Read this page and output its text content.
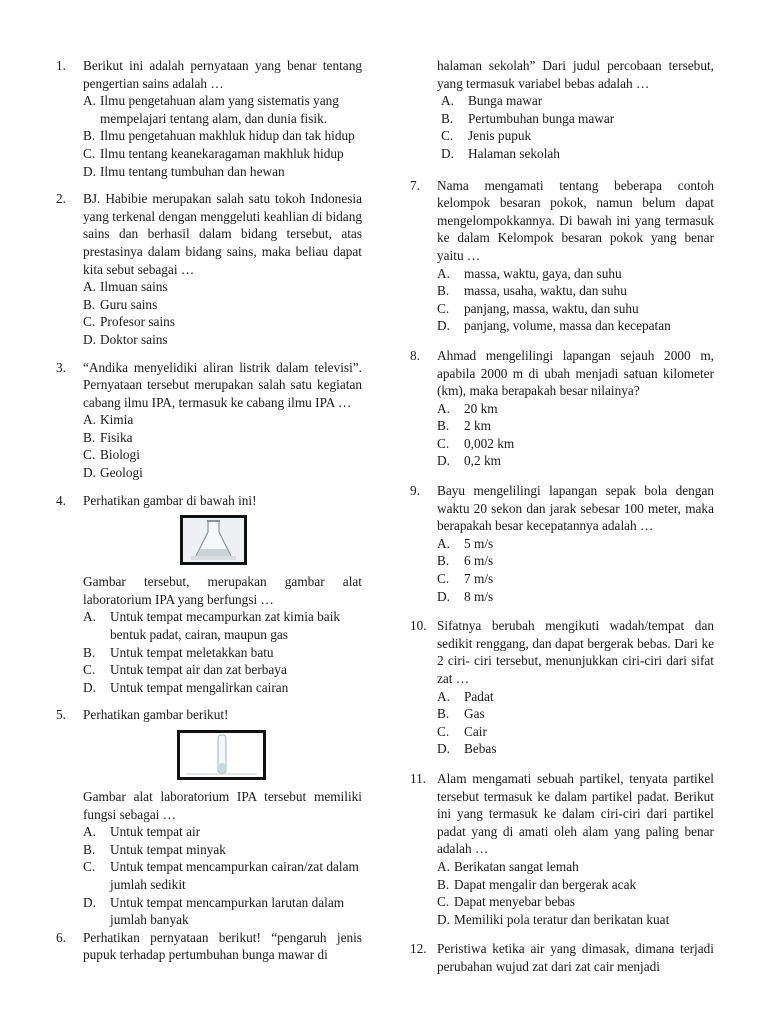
1. Berikut ini adalah pernyataan yang benar tentang pengertian sains adalah …
A. Ilmu pengetahuan alam yang sistematis yang mempelajari tentang alam, dan dunia fisik.
B. Ilmu pengetahuan makhluk hidup dan tak hidup
C. Ilmu tentang keanekaragaman makhluk hidup
D. Ilmu tentang tumbuhan dan hewan
2. BJ. Habibie merupakan salah satu tokoh Indonesia yang terkenal dengan menggeluti keahlian di bidang sains dan berhasil dalam bidang tersebut, atas prestasinya dalam bidang sains, maka beliau dapat kita sebut sebagai …
A. Ilmuan sains
B. Guru sains
C. Profesor sains
D. Doktor sains
3. “Andika menyelidiki aliran listrik dalam televisi”. Pernyataan tersebut merupakan salah satu kegiatan cabang ilmu IPA, termasuk ke cabang ilmu IPA …
A. Kimia
B. Fisika
C. Biologi
D. Geologi
4. Perhatikan gambar di bawah ini!
Gambar tersebut, merupakan gambar alat laboratorium IPA yang berfungsi …
A. Untuk tempat mecampurkan zat kimia baik bentuk padat, cairan, maupun gas
B. Untuk tempat meletakkan batu
C. Untuk tempat air dan zat berbaya
D. Untuk tempat mengalirkan cairan
5. Perhatikan gambar berikut!
Gambar alat laboratorium IPA tersebut memiliki fungsi sebagai …
A. Untuk tempat air
B. Untuk tempat minyak
C. Untuk tempat mencampurkan cairan/zat dalam jumlah sedikit
D. Untuk tempat mencampurkan larutan dalam jumlah banyak
6. Perhatikan pernyataan berikut! “pengaruh jenis pupuk terhadap pertumbuhan bunga mawar di
halaman sekolah” Dari judul percobaan tersebut, yang termasuk variabel bebas adalah …
A. Bunga mawar
B. Pertumbuhan bunga mawar
C. Jenis pupuk
D. Halaman sekolah
7. Nama mengamati tentang beberapa contoh kelompok besaran pokok, namun belum dapat mengelompokkannya. Di bawah ini yang termasuk ke dalam Kelompok besaran pokok yang benar yaitu …
A. massa, waktu, gaya, dan suhu
B. massa, usaha, waktu, dan suhu
C. panjang, massa, waktu, dan suhu
D. panjang, volume, massa dan kecepatan
8. Ahmad mengelilingi lapangan sejauh 2000 m, apabila 2000 m di ubah menjadi satuan kilometer (km), maka berapakah besar nilainya?
A. 20 km
B. 2 km
C. 0,002 km
D. 0,2 km
9. Bayu mengelilingi lapangan sepak bola dengan waktu 20 sekon dan jarak sebesar 100 meter, maka berapakah besar kecepatannya adalah …
A. 5 m/s
B. 6 m/s
C. 7 m/s
D. 8 m/s
10. Sifatnya berubah mengikuti wadah/tempat dan sedikit renggang, dan dapat bergerak bebas. Dari ke 2 ciri- ciri tersebut, menunjukkan ciri-ciri dari sifat zat …
A. Padat
B. Gas
C. Cair
D. Bebas
11. Alam mengamati sebuah partikel, tenyata partikel tersebut termasuk ke dalam partikel padat. Berikut ini yang termasuk ke dalam ciri-ciri dari partikel padat yang di amati oleh alam yang paling benar adalah …
A. Berikatan sangat lemah
B. Dapat mengalir dan bergerak acak
C. Dapat menyebar bebas
D. Memiliki pola teratur dan berikatan kuat
12. Peristiwa ketika air yang dimasak, dimana terjadi perubahan wujud zat dari zat cair menjadi
